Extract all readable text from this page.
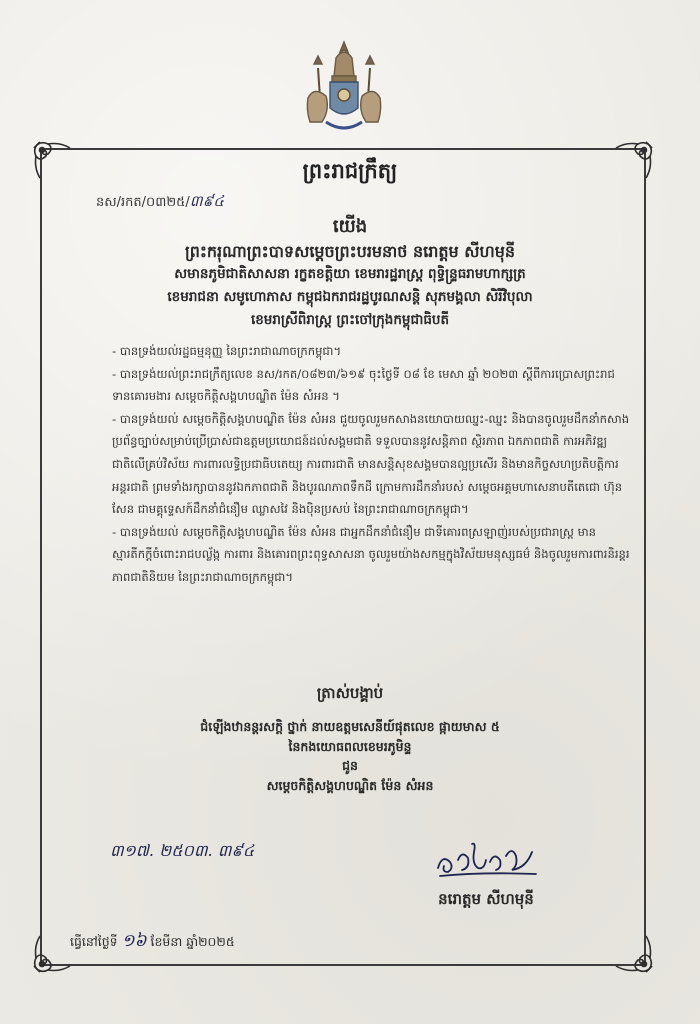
ព្រះរាជក្រឹត្យ
នស/រកត/០៣២៥/៣៩៤
យើង
ព្រះករុណាព្រះបាទសម្តេចព្រះបរមនាថ នរោត្តម សីហមុនី
សមានភូមិជាតិសាសនា រក្ខតខត្តិយា ខេមរារដ្ឋរាស្ត្រ ពុទ្ធិន្ទ្រធរាមហាក្សត្រ
ខេមរាជនា សមូហោភាស កម្ពុជឯករាជរដ្ឋបូរណសន្តិ សុភមង្គលា សិរីវិបុលា
ខេមរាស្រីពិរាស្ត្រ ព្រះចៅក្រុងកម្ពុជាធិបតី

- បានទ្រង់យល់រដ្ឋធម្មនុញ្ញ នៃព្រះរាជាណាចក្រកម្ពុជា។

- បានទ្រង់យល់ព្រះរាជក្រឹត្យលេខ នស/រកត/០៨២៣/៦១៩ ចុះថ្ងៃទី ០៨ ខែ មេសា ឆ្នាំ ២០២៣ ស្តីពីការប្រោសព្រះរាជទានគោរមងារ សម្តេចកិត្តិសង្គហបណ្ឌិត ម៉ែន សំអន ។

- បានទ្រង់យល់ សម្តេចកិត្តិសង្គហបណ្ឌិត ម៉ែន សំអន ជួយចូលរួមកសាងនយោបាយឈ្នះ-ឈ្នះ និងបានចូលរួមដឹកនាំកសាងប្រព័ន្ធច្បាប់សម្រាប់ប្រើប្រាស់ជាឧត្តមប្រយោជន៍ដល់សង្គមជាតិ ទទួលបាននូវសន្តិភាព ស្ថិរភាព ឯកភាពជាតិ ការអភិវឌ្ឍជាតិលើគ្រប់វិស័យ ការពារលទ្ធិប្រជាធិបតេយ្យ ការពារជាតិ មានសន្តិសុខសង្គមបានល្អប្រសើរ និងមានកិច្ចសហប្រតិបត្តិការអន្តរជាតិ ព្រមទាំងរក្សាបាននូវឯកភាពជាតិ និងបូរណភាពទឹកដី ក្រោមការដឹកនាំរបស់ សម្តេចអគ្គមហាសេនាបតីតេជោ ហ៊ុន សែន ជាមគ្គុទ្ទេសក៍ដឹកនាំជំនឿម ឈ្លាសវៃ និងប៉ិនប្រសប់ នៃព្រះរាជាណាចក្រកម្ពុជា។

- បានទ្រង់យល់ សម្តេចកិត្តិសង្គហបណ្ឌិត ម៉ែន សំអន ជាអ្នកដឹកនាំជំនឿម ជាទីគោរពស្រឡាញ់របស់ប្រជារាស្ត្រ មានស្មារតីកក្តីចំពោះរាជបល្ល័ង្ក ការពារ និងគោរពព្រះពុទ្ធសាសនា ចូលរួមយ៉ាងសកម្មក្នុងវិស័យមនុស្សធម៌ និងចូលរួមការពារនិរន្តរភាពជាតិនិយម នៃព្រះរាជាណាចក្រកម្ពុជា។

ត្រាស់បង្គាប់
ជំឡើងឋានន្តរសក្តិ ថ្នាក់ នាយឧត្តមសេនីយ៍ផុតលេខ ផ្កាយមាស ៥
នៃកងយោធពលខេមរភូមិន្ទ
ជូន
សម្តេចកិត្តិសង្គហបណ្ឌិត ម៉ែន សំអន
៣១៧. ២៥០៣. ៣៩៤
នរោត្តម សីហមុនី
ធ្វើនៅថ្ងៃទី ១៦ ខែមីនា ឆ្នាំ២០២៥
